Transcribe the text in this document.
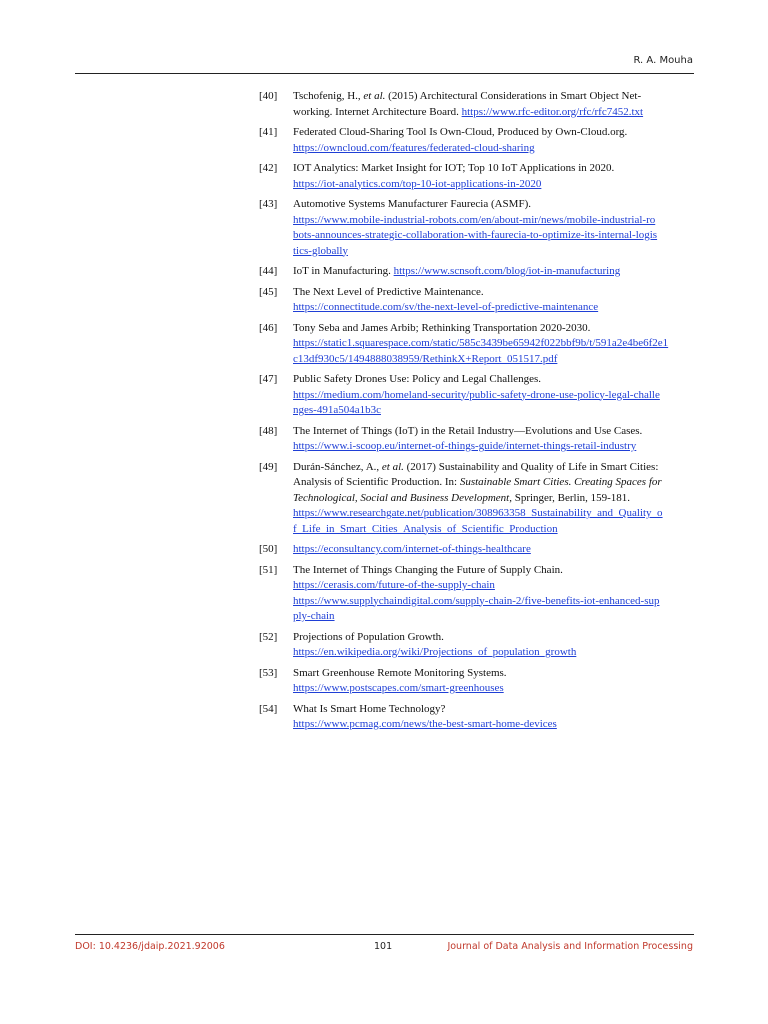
R. A. Mouha
[40]	Tschofenig, H., et al. (2015) Architectural Considerations in Smart Object Net-
working. Internet Architecture Board. https://www.rfc-editor.org/rfc/rfc7452.txt
[41]	Federated Cloud-Sharing Tool Is Own-Cloud, Produced by Own-Cloud.org.
https://owncloud.com/features/federated-cloud-sharing
[42]	IOT Analytics: Market Insight for IOT; Top 10 IoT Applications in 2020.
https://iot-analytics.com/top-10-iot-applications-in-2020
[43]	Automotive Systems Manufacturer Faurecia (ASMF).
https://www.mobile-industrial-robots.com/en/about-mir/news/mobile-industrial-ro
bots-announces-strategic-collaboration-with-faurecia-to-optimize-its-internal-logis
tics-globally
[44]	IoT in Manufacturing. https://www.scnsoft.com/blog/iot-in-manufacturing
[45]	The Next Level of Predictive Maintenance.
https://connectitude.com/sv/the-next-level-of-predictive-maintenance
[46]	Tony Seba and James Arbib; Rethinking Transportation 2020-2030.
https://static1.squarespace.com/static/585c3439be65942f022bbf9b/t/591a2e4be6f2e1
c13df930c5/1494888038959/RethinkX+Report_051517.pdf
[47]	Public Safety Drones Use: Policy and Legal Challenges.
https://medium.com/homeland-security/public-safety-drone-use-policy-legal-challe
nges-491a504a1b3c
[48]	The Internet of Things (IoT) in the Retail Industry—Evolutions and Use Cases.
https://www.i-scoop.eu/internet-of-things-guide/internet-things-retail-industry
[49]	Durán-Sánchez, A., et al. (2017) Sustainability and Quality of Life in Smart Cities:
Analysis of Scientific Production. In: Sustainable Smart Cities. Creating Spaces for
Technological, Social and Business Development, Springer, Berlin, 159-181.
https://www.researchgate.net/publication/308963358_Sustainability_and_Quality_o
f_Life_in_Smart_Cities_Analysis_of_Scientific_Production
[50]	https://econsultancy.com/internet-of-things-healthcare
[51]	The Internet of Things Changing the Future of Supply Chain.
https://cerasis.com/future-of-the-supply-chain
https://www.supplychaindigital.com/supply-chain-2/five-benefits-iot-enhanced-sup
ply-chain
[52]	Projections of Population Growth.
https://en.wikipedia.org/wiki/Projections_of_population_growth
[53]	Smart Greenhouse Remote Monitoring Systems.
https://www.postscapes.com/smart-greenhouses
[54]	What Is Smart Home Technology?
https://www.pcmag.com/news/the-best-smart-home-devices
DOI: 10.4236/jdaip.2021.92006	101	Journal of Data Analysis and Information Processing
